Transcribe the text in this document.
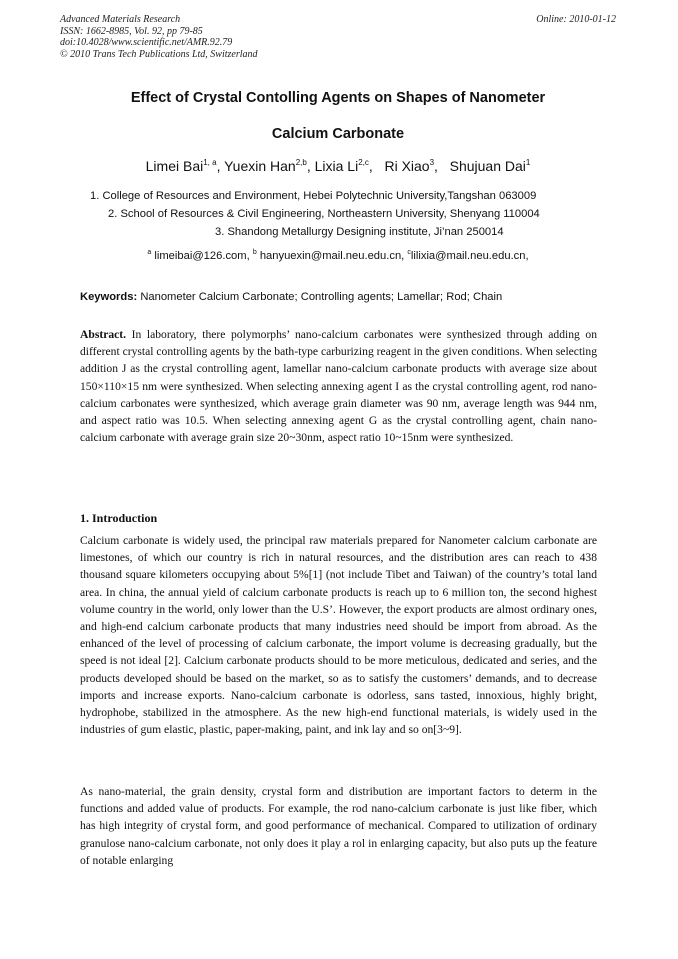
Advanced Materials Research
ISSN: 1662-8985, Vol. 92, pp 79-85
doi:10.4028/www.scientific.net/AMR.92.79
© 2010 Trans Tech Publications Ltd, Switzerland
Online: 2010-01-12
Effect of Crystal Contolling Agents on Shapes of Nanometer
Calcium Carbonate
Limei Bai$^{1, a}$, Yuexin Han$^{2,b}$, Lixia Li$^{2,c}$,   Ri Xiao$^3$,   Shujuan Dai$^1$
1. College of Resources and Environment, Hebei Polytechnic University,Tangshan 063009
2. School of Resources & Civil Engineering, Northeastern University, Shenyang 110004
3. Shandong Metallurgy Designing institute, Ji’nan 250014
$^a$ limeibai@126.com, $^b$ hanyuexin@mail.neu.edu.cn, $^c$lilixia@mail.neu.edu.cn,
Keywords: Nanometer Calcium Carbonate; Controlling agents; Lamellar; Rod; Chain
Abstract. In laboratory, there polymorphs’ nano-calcium carbonates were synthesized through adding on different crystal controlling agents by the bath-type carburizing reagent in the given conditions. When selecting addition J as the crystal controlling agent, lamellar nano-calcium carbonate products with average size about 150×110×15 nm were synthesized. When selecting annexing agent I as the crystal controlling agent, rod nano-calcium carbonates were synthesized, which average grain diameter was 90 nm, average length was 944 nm, and aspect ratio was 10.5. When selecting annexing agent G as the crystal controlling agent, chain nano-calcium carbonate with average grain size 20~30nm, aspect ratio 10~15nm were synthesized.
1. Introduction
Calcium carbonate is widely used, the principal raw materials prepared for Nanometer calcium carbonate are limestones, of which our country is rich in natural resources, and the distribution ares can reach to 438 thousand square kilometers occupying about 5%[1] (not include Tibet and Taiwan) of the country’s total land area. In china, the annual yield of calcium carbonate products is reach up to 6 million ton, the second highest volume country in the world, only lower than the U.S’. However, the export products are almost ordinary ones, and high-end calcium carbonate products that many industries need should be import from abroad. As the enhanced of the level of processing of calcium carbonate, the import volume is decreasing gradually, but the speed is not ideal [2]. Calcium carbonate products should to be more meticulous, dedicated and series, and the products developed should be based on the market, so as to satisfy the customers’ demands, and to decrease imports and increase exports. Nano-calcium carbonate is odorless, sans tasted, innoxious, highly bright, hydrophobe, stabilized in the atmosphere. As the new high-end functional materials, is widely used in the industries of gum elastic, plastic, paper-making, paint, and ink lay and so on[3~9].
As nano-material, the grain density, crystal form and distribution are important factors to determ in the functions and added value of products. For example, the rod nano-calcium carbonate is just like fiber, which has high integrity of crystal form, and good performance of mechanical. Compared to utilization of ordinary granulose nano-calcium carbonate, not only does it play a rol in enlarging capacity, but also puts up the feature of notable enlarging
